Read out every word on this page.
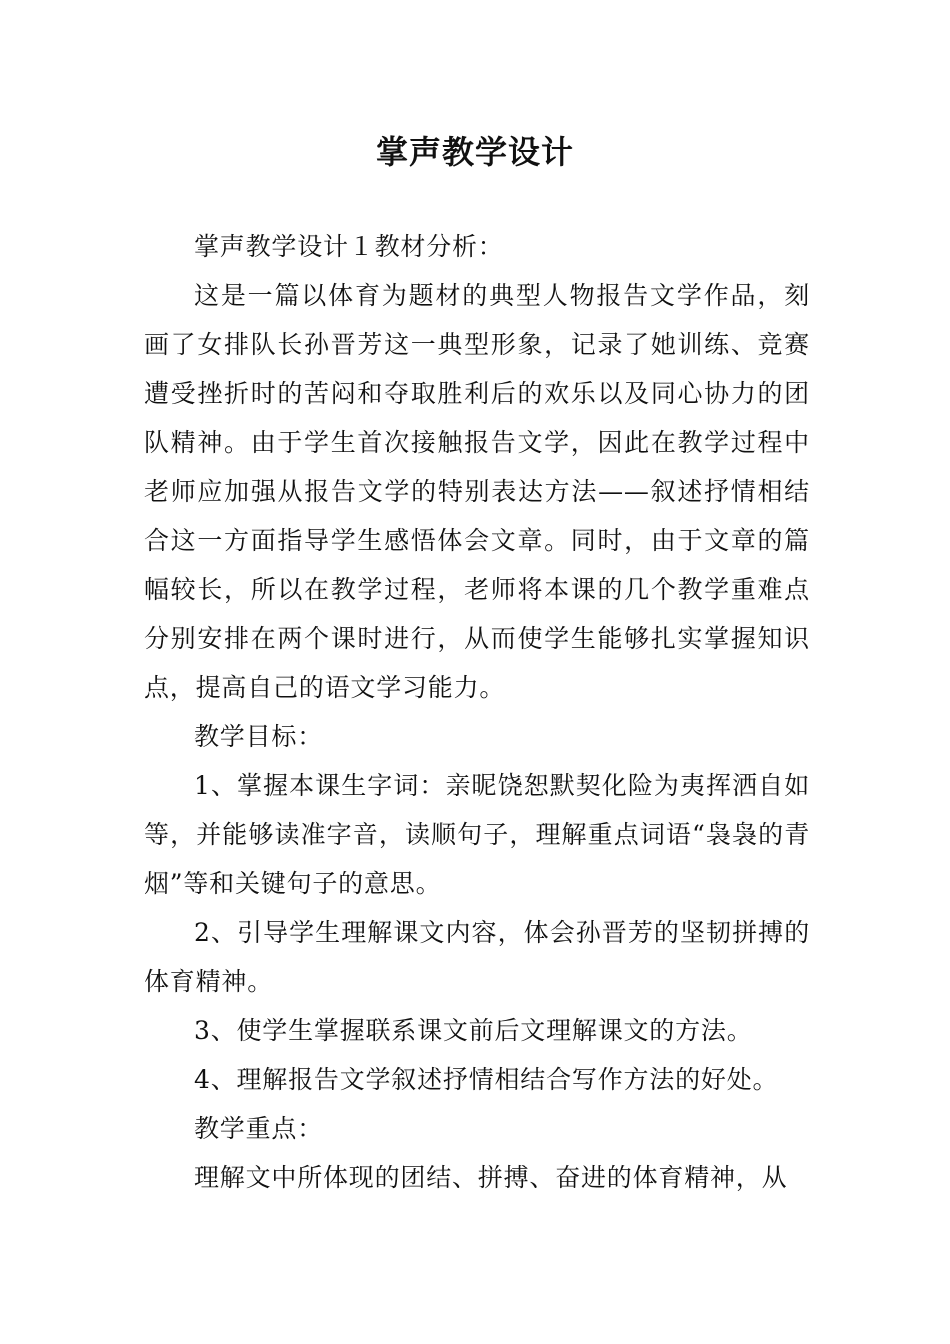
掌声教学设计

掌声教学设计１教材分析：

这是一篇以体育为题材的典型人物报告文学作品，刻画了女排队长孙晋芳这一典型形象，记录了她训练、竞赛遭受挫折时的苦闷和夺取胜利后的欢乐以及同心协力的团队精神。由于学生首次接触报告文学，因此在教学过程中老师应加强从报告文学的特别表达方法——叙述抒情相结合这一方面指导学生感悟体会文章。同时，由于文章的篇幅较长，所以在教学过程，老师将本课的几个教学重难点分别安排在两个课时进行，从而使学生能够扎实掌握知识点，提高自己的语文学习能力。

教学目标：

1、掌握本课生字词：亲昵饶恕默契化险为夷挥洒自如等，并能够读准字音，读顺句子，理解重点词语“袅袅的青烟”等和关键句子的意思。

2、引导学生理解课文内容，体会孙晋芳的坚韧拼搏的体育精神。

3、使学生掌握联系课文前后文理解课文的方法。

4、理解报告文学叙述抒情相结合写作方法的好处。

教学重点：

理解文中所体现的团结、拼搏、奋进的体育精神，从
